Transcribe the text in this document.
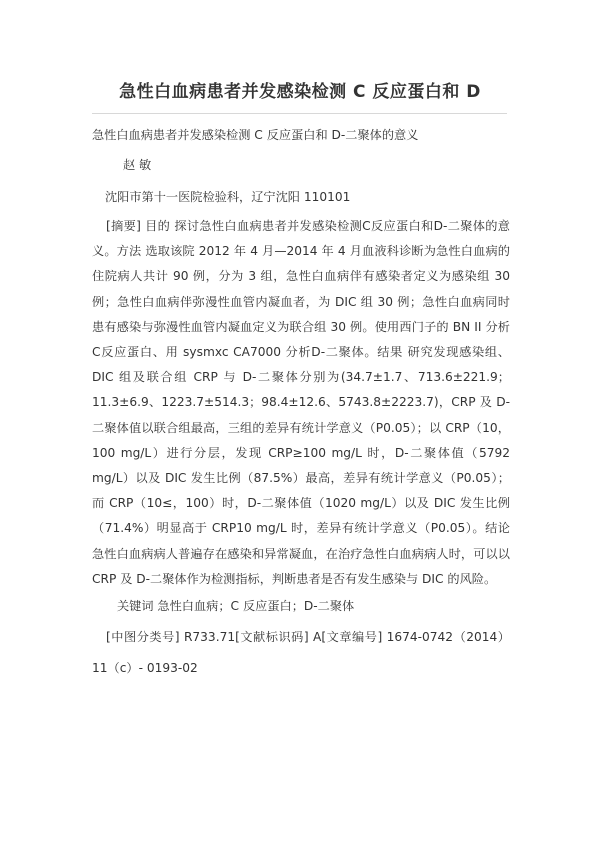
急性白血病患者并发感染检测 C 反应蛋白和 D

急性白血病患者并发感染检测 C 反应蛋白和 D-二聚体的意义

赵 敏

沈阳市第十一医院检验科，辽宁沈阳 110101

[摘要] 目的 探讨急性白血病患者并发感染检测C反应蛋白和D-二聚体的意义。方法 选取该院 2012 年 4 月—2014 年 4 月血液科诊断为急性白血病的住院病人共计 90 例，分为 3 组，急性白血病伴有感染者定义为感染组 30 例；急性白血病伴弥漫性血管内凝血者，为 DIC 组 30 例；急性白血病同时患有感染与弥漫性血管内凝血定义为联合组 30 例。使用西门子的 BN II 分析C反应蛋白、用 sysmxc CA7000 分析D-二聚体。结果 研究发现感染组、DIC 组及联合组 CRP 与 D-二聚体分别为(34.7±1.7、713.6±221.9；11.3±6.9、1223.7±514.3；98.4±12.6、5743.8±2223.7)，CRP 及 D-二聚体值以联合组最高，三组的差异有统计学意义（P0.05）；以 CRP（10，100 mg/L）进行分层，发现 CRP≥100 mg/L 时，D-二聚体值（5792 mg/L）以及 DIC 发生比例（87.5%）最高，差异有统计学意义（P0.05）；而 CRP（10≤，100）时，D-二聚体值（1020 mg/L）以及 DIC 发生比例（71.4%）明显高于 CRP10 mg/L 时，差异有统计学意义（P0.05）。结论 急性白血病病人普遍存在感染和异常凝血，在治疗急性白血病病人时，可以以 CRP 及 D-二聚体作为检测指标，判断患者是否有发生感染与 DIC 的风险。

关键词 急性白血病；C 反应蛋白；D-二聚体

[中图分类号] R733.71[文献标识码] A[文章编号] 1674-0742（2014）11（c）- 0193-02
